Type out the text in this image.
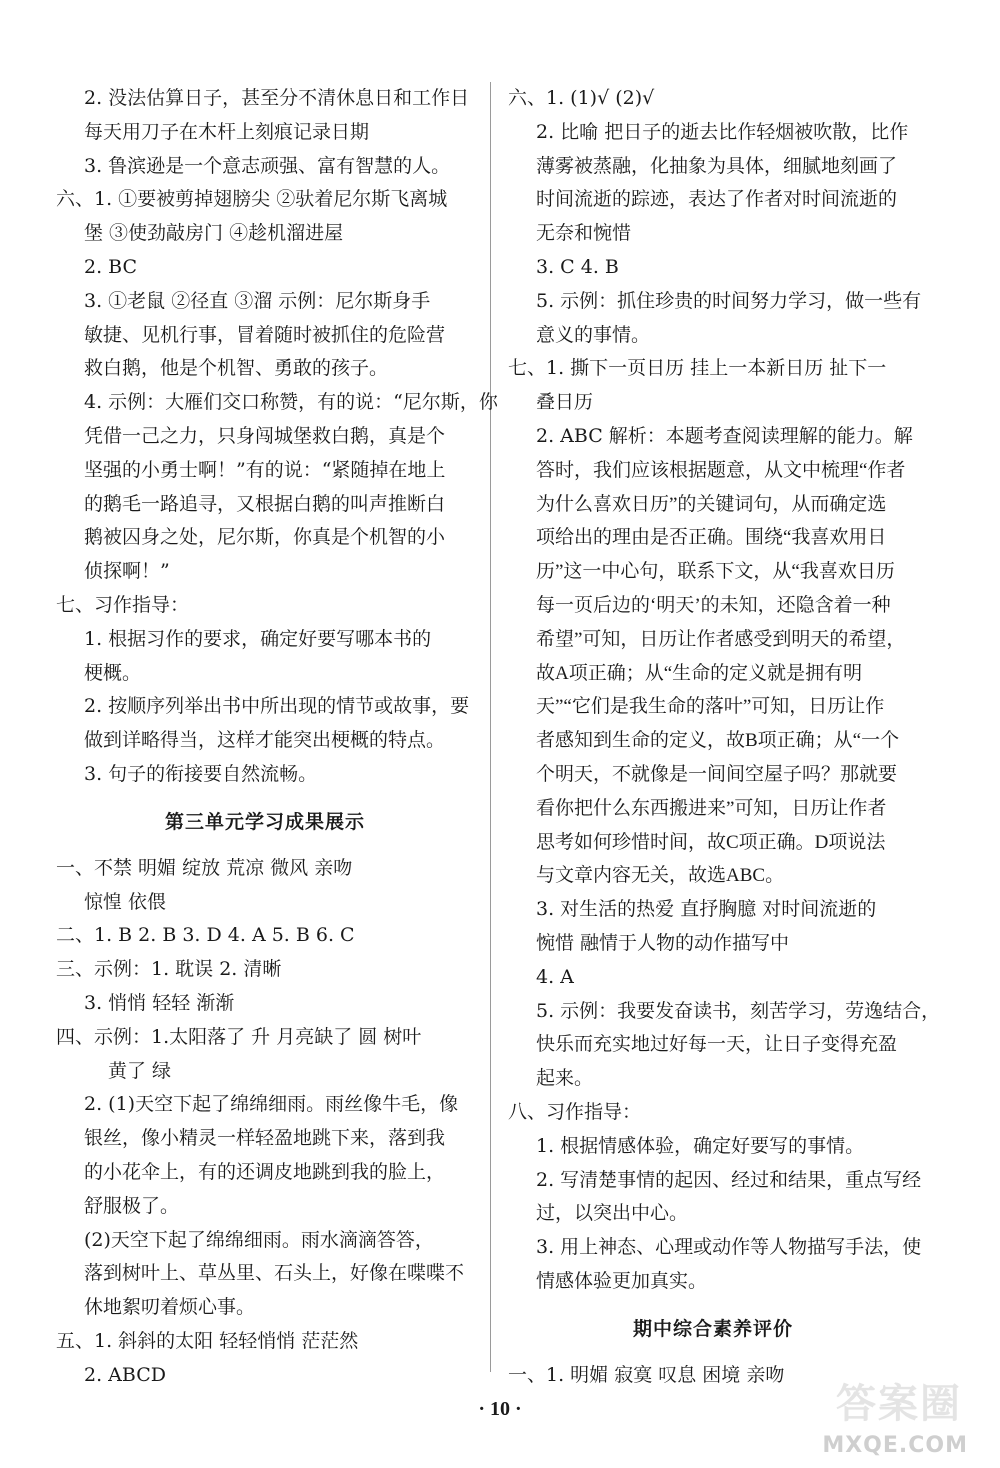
2. 没法估算日子，甚至分不清休息日和工作日
每天用刀子在木杆上刻痕记录日期
3. 鲁滨逊是一个意志顽强、富有智慧的人。
六、1. ①要被剪掉翅膀尖 ②驮着尼尔斯飞离城
堡 ③使劲敲房门 ④趁机溜进屋
2. BC
3. ①老鼠 ②径直 ③溜 示例：尼尔斯身手
敏捷、见机行事，冒着随时被抓住的危险营
救白鹅，他是个机智、勇敢的孩子。
4. 示例：大雁们交口称赞，有的说：“尼尔斯，你
凭借一己之力，只身闯城堡救白鹅，真是个
坚强的小勇士啊！”有的说：“紧随掉在地上
的鹅毛一路追寻，又根据白鹅的叫声推断白
鹅被囚身之处，尼尔斯，你真是个机智的小
侦探啊！”
七、习作指导：
1. 根据习作的要求，确定好要写哪本书的
梗概。
2. 按顺序列举出书中所出现的情节或故事，要
做到详略得当，这样才能突出梗概的特点。
3. 句子的衔接要自然流畅。
第三单元学习成果展示
一、不禁 明媚 绽放 荒凉 微风 亲吻
惊惶 依偎
二、1. B 2. B 3. D 4. A 5. B 6. C
三、示例：1. 耽误 2. 清晰
3. 悄悄 轻轻 渐渐
四、示例：1.太阳落了 升 月亮缺了 圆 树叶
黄了 绿
2. (1)天空下起了绵绵细雨。雨丝像牛毛，像
银丝，像小精灵一样轻盈地跳下来，落到我
的小花伞上，有的还调皮地跳到我的脸上，
舒服极了。
(2)天空下起了绵绵细雨。雨水滴滴答答，
落到树叶上、草丛里、石头上，好像在喋喋不
休地絮叨着烦心事。
五、1. 斜斜的太阳 轻轻悄悄 茫茫然
2. ABCD
六、1. (1)√ (2)√
2. 比喻 把日子的逝去比作轻烟被吹散，比作
薄雾被蒸融，化抽象为具体，细腻地刻画了
时间流逝的踪迹，表达了作者对时间流逝的
无奈和惋惜
3. C 4. B
5. 示例：抓住珍贵的时间努力学习，做一些有
意义的事情。
七、1. 撕下一页日历 挂上一本新日历 扯下一
叠日历
2. ABC 解析：本题考查阅读理解的能力。解
答时，我们应该根据题意，从文中梳理“作者
为什么喜欢日历”的关键词句，从而确定选
项给出的理由是否正确。围绕“我喜欢用日
历”这一中心句，联系下文，从“我喜欢日历
每一页后边的‘明天’的未知，还隐含着一种
希望”可知，日历让作者感受到明天的希望，
故A项正确；从“生命的定义就是拥有明
天”“它们是我生命的落叶”可知，日历让作
者感知到生命的定义，故B项正确；从“一个
个明天，不就像是一间间空屋子吗？那就要
看你把什么东西搬进来”可知，日历让作者
思考如何珍惜时间，故C项正确。D项说法
与文章内容无关，故选ABC。
3. 对生活的热爱 直抒胸臆 对时间流逝的
惋惜 融情于人物的动作描写中
4. A
5. 示例：我要发奋读书，刻苦学习，劳逸结合，
快乐而充实地过好每一天，让日子变得充盈
起来。
八、习作指导：
1. 根据情感体验，确定好要写的事情。
2. 写清楚事情的起因、经过和结果，重点写经
过，以突出中心。
3. 用上神态、心理或动作等人物描写手法，使
情感体验更加真实。
期中综合素养评价
一、1. 明媚 寂寞 叹息 困境 亲吻
· 10 ·	答案圈
MXQE.COM
